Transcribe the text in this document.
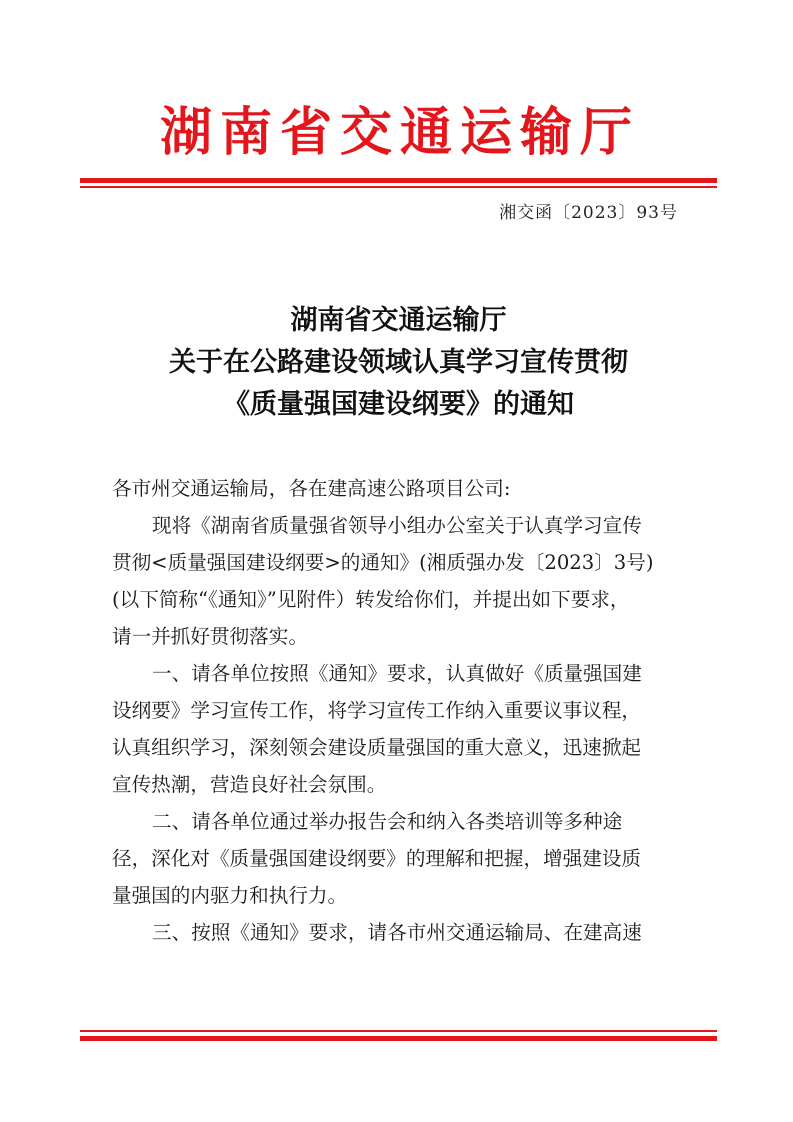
湖南省交通运输厅
湘交函〔2023〕93号
湖南省交通运输厅
关于在公路建设领域认真学习宣传贯彻
《质量强国建设纲要》的通知
各市州交通运输局，各在建高速公路项目公司:
现将《湖南省质量强省领导小组办公室关于认真学习宣传
贯彻<质量强国建设纲要>的通知》(湘质强办发〔2023〕3号)
(以下简称“《通知》”见附件）转发给你们，并提出如下要求，
请一并抓好贯彻落实。
一、请各单位按照《通知》要求，认真做好《质量强国建
设纲要》学习宣传工作，将学习宣传工作纳入重要议事议程，
认真组织学习，深刻领会建设质量强国的重大意义，迅速掀起
宣传热潮，营造良好社会氛围。
二、请各单位通过举办报告会和纳入各类培训等多种途
径，深化对《质量强国建设纲要》的理解和把握，增强建设质
量强国的内驱力和执行力。
三、按照《通知》要求，请各市州交通运输局、在建高速
